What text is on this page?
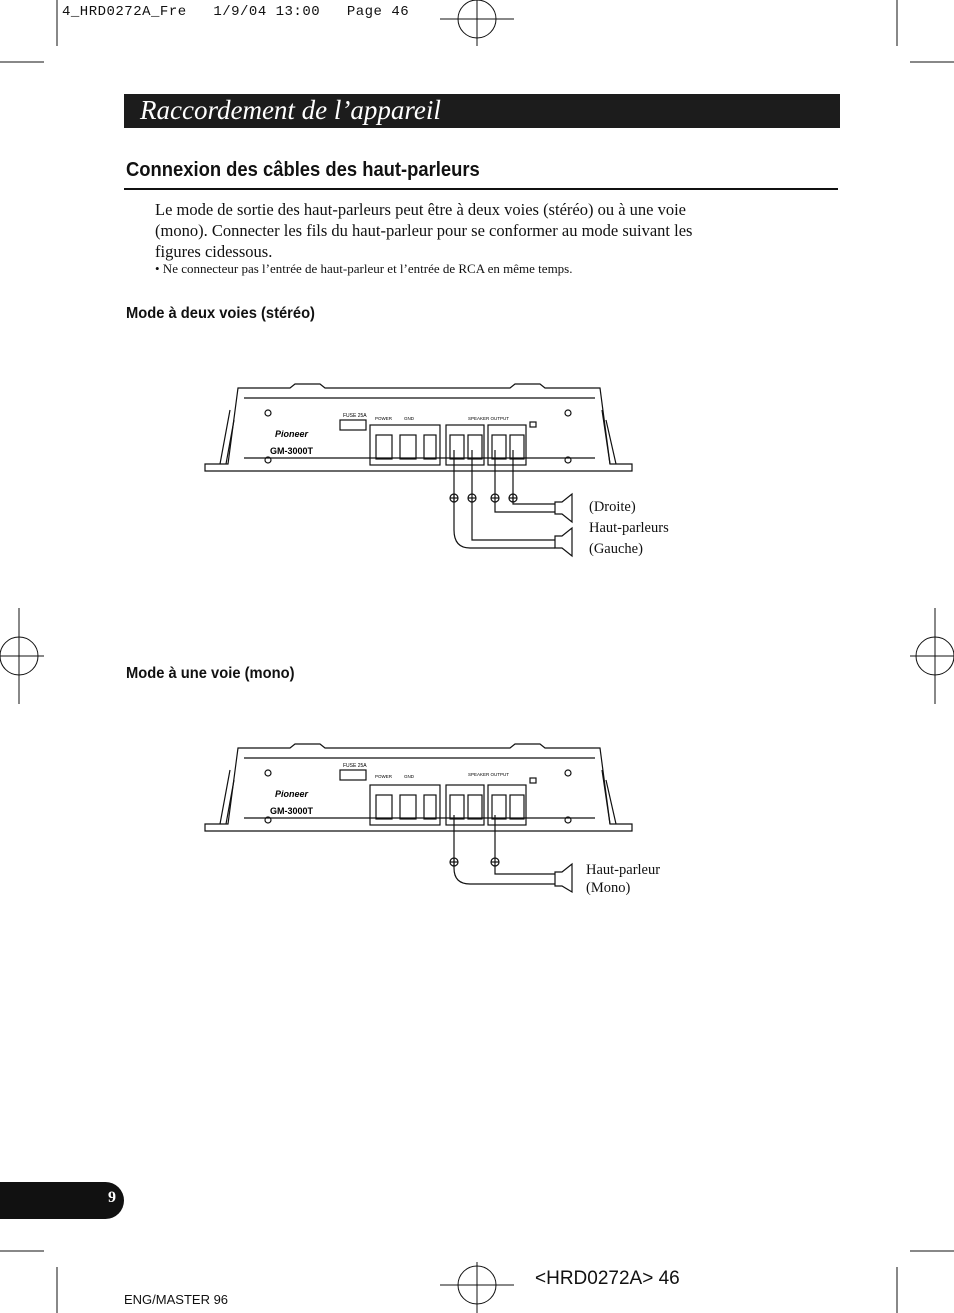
4_HRD0272A_Fre   1/9/04 13:00   Page 46
Raccordement de l’appareil
Connexion des câbles des haut-parleurs
Le mode de sortie des haut-parleurs peut être à deux voies (stéréo) ou à une voie (mono). Connecter les fils du haut-parleur pour se conformer au mode suivant les figures cidessous.
• Ne connecteur pas l’entrée de haut-parleur et l’entrée de RCA en même temps.
Mode à deux voies (stéréo)
Pioneer
GM-3000T
FUSE 25A POWER	GND	SPEAKER OUTPUT
(Droite)
Haut-parleurs
(Gauche)
Mode à une voie (mono)
Pioneer
GM-3000T
FUSE 25A
POWER	GND	SPEAKER OUTPUT
Haut-parleur
(Mono)
9
<HRD0272A> 46
ENG/MASTER 96
